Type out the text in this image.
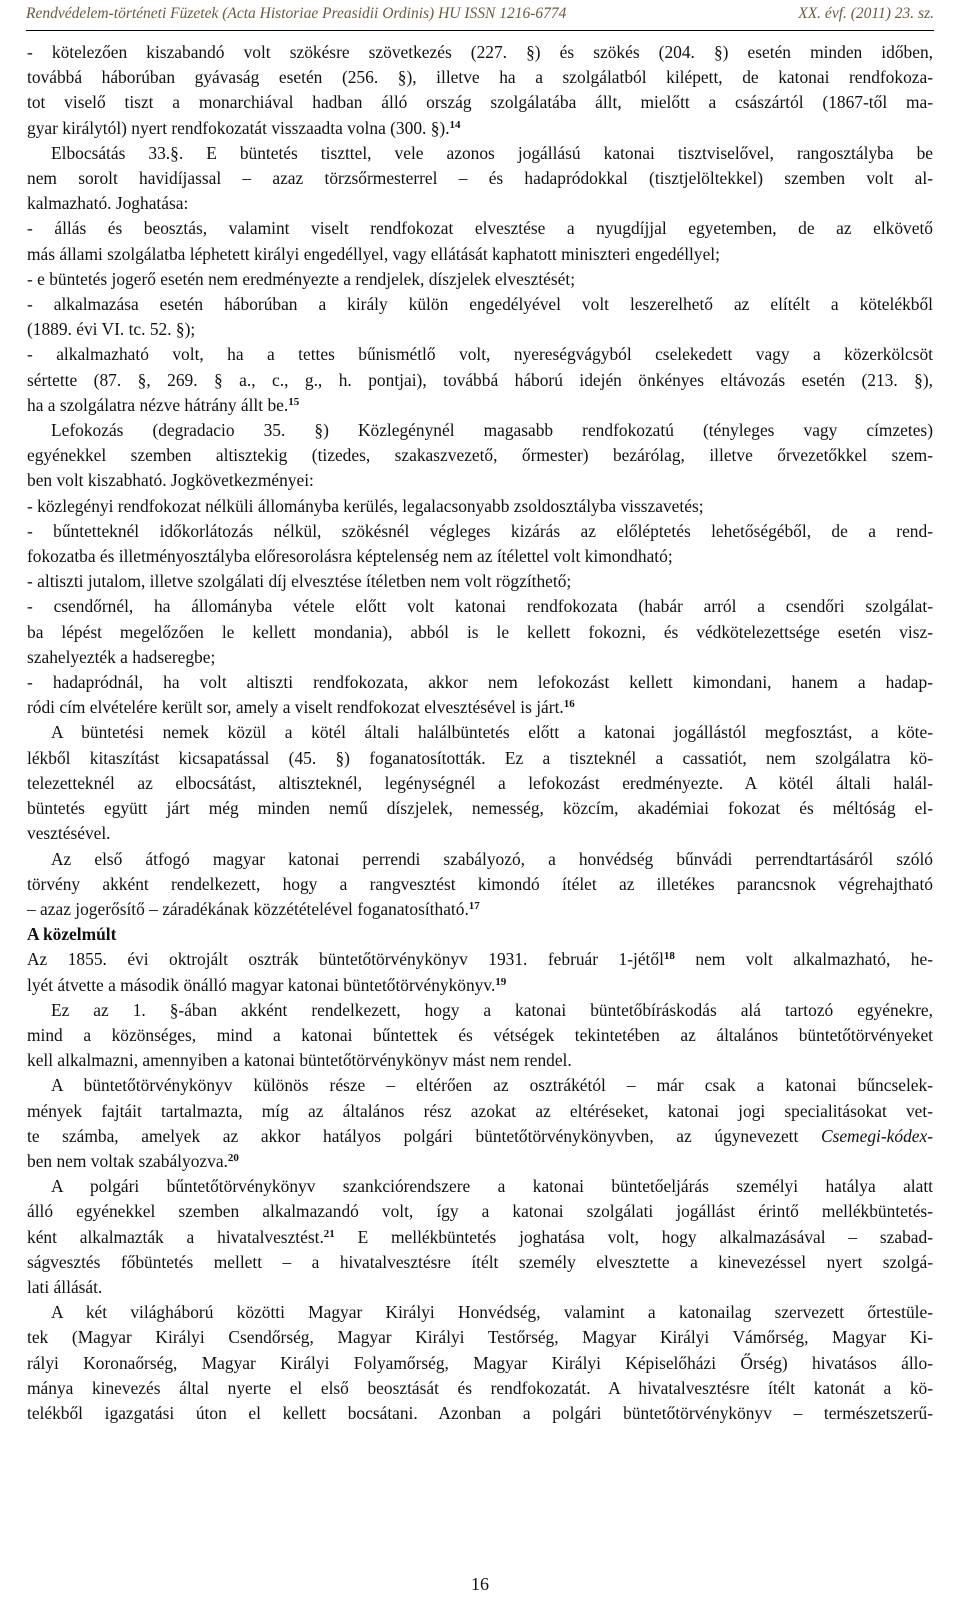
Rendvédelem-történeti Füzetek (Acta Historiae Preasidii Ordinis) HU ISSN 1216-6774	XX. évf. (2011) 23. sz.

- kötelezően kiszabandó volt szökésre szövetkezés (227. §) és szökés (204. §) esetén minden időben,
továbbá háborúban gyávaság esetén (256. §), illetve ha a szolgálatból kilépett, de katonai rendfokoza-
tot viselő tiszt a monarchiával hadban álló ország szolgálatába állt, mielőtt a császártól (1867-től ma-
gyar királytól) nyert rendfokozatát visszaadta volna (300. §).$^{14}$

Elbocsátás 33.§. E büntetés tiszttel, vele azonos jogállású katonai tisztviselővel, rangosztályba be
nem sorolt havidíjassal – azaz törzsőrmesterrel – és hadapródokkal (tisztjelöltekkel) szemben volt al-
kalmazható. Joghatása:

- állás és beosztás, valamint viselt rendfokozat elvesztése a nyugdíjjal egyetemben, de az elkövető
más állami szolgálatba léphetett királyi engedéllyel, vagy ellátását kaphatott miniszteri engedéllyel;

- e büntetés jogerő esetén nem eredményezte a rendjelek, díszjelek elvesztését;

- alkalmazása esetén háborúban a király külön engedélyével volt leszerelhető az elítélt a kötelékből
(1889. évi VI. tc. 52. §);

- alkalmazható volt, ha a tettes bűnismétlő volt, nyereségvágyból cselekedett vagy a közerkölcsöt
sértette (87. §, 269. § a., c., g., h. pontjai), továbbá háború idején önkényes eltávozás esetén (213. §),
ha a szolgálatra nézve hátrány állt be.$^{15}$

Lefokozás (degradacio 35. §) Közlegénynél magasabb rendfokozatú (tényleges vagy címzetes)
egyénekkel szemben altisztekig (tizedes, szakaszvezető, őrmester) bezárólag, illetve őrvezetőkkel szem-
ben volt kiszabható. Jogkövetkezményei:

- közlegényi rendfokozat nélküli állományba kerülés, legalacsonyabb zsoldosztályba visszavetés;

- bűntetteknél időkorlátozás nélkül, szökésnél végleges kizárás az előléptetés lehetőségéből, de a rend-
fokozatba és illetményosztályba előresorolásra képtelenség nem az ítélettel volt kimondható;

- altiszti jutalom, illetve szolgálati díj elvesztése ítéletben nem volt rögzíthető;

- csendőrnél, ha állományba vétele előtt volt katonai rendfokozata (habár arról a csendőri szolgálat-
ba lépést megelőzően le kellett mondania), abból is le kellett fokozni, és védkötelezettsége esetén visz-
szahelyezték a hadseregbe;

- hadapródnál, ha volt altiszti rendfokozata, akkor nem lefokozást kellett kimondani, hanem a hadap-
ródi cím elvételére került sor, amely a viselt rendfokozat elvesztésével is járt.$^{16}$

A büntetési nemek közül a kötél általi halálbüntetés előtt a katonai jogállástól megfosztást, a köte-
lékből kitaszítást kicsapatással (45. §) foganatosították. Ez a tiszteknél a cassatiót, nem szolgálatra kö-
telezetteknél az elbocsátást, altiszteknél, legénységnél a lefokozást eredményezte. A kötél általi halál-
büntetés együtt járt még minden nemű díszjelek, nemesség, közcím, akadémiai fokozat és méltóság el-
vesztésével.

Az első átfogó magyar katonai perrendi szabályozó, a honvédség bűnvádi perrendtartásáról szóló
törvény akként rendelkezett, hogy a rangvesztést kimondó ítélet az illetékes parancsnok végrehajtható
– azaz jogerősítő – záradékának közzétételével foganatosítható.$^{17}$

A közelmúlt

Az 1855. évi oktrojált osztrák büntetőtörvénykönyv 1931. február 1-jétől$^{18}$ nem volt alkalmazható, he-
lyét átvette a második önálló magyar katonai büntetőtörvénykönyv.$^{19}$

Ez az 1. §-ában akként rendelkezett, hogy a katonai büntetőbíráskodás alá tartozó egyénekre,
mind a közönséges, mind a katonai bűntettek és vétségek tekintetében az általános büntetőtörvényeket
kell alkalmazni, amennyiben a katonai büntetőtörvénykönyv mást nem rendel.

A büntetőtörvénykönyv különös része – eltérően az osztrákétól – már csak a katonai bűncselek-
mények fajtáit tartalmazta, míg az általános rész azokat az eltéréseket, katonai jogi specialitásokat vet-
te számba, amelyek az akkor hatályos polgári büntetőtörvénykönyvben, az úgynevezett Csemegi-kódex-
ben nem voltak szabályozva.$^{20}$

A polgári bűntetőtörvénykönyv szankciórendszere a katonai büntetőeljárás személyi hatálya alatt
álló egyénekkel szemben alkalmazandó volt, így a katonai szolgálati jogállást érintő mellékbüntetés-
ként alkalmazták a hivatalvesztést.$^{21}$ E mellékbüntetés joghatása volt, hogy alkalmazásával – szabad-
ságvesztés főbüntetés mellett – a hivatalvesztésre ítélt személy elvesztette a kinevezéssel nyert szolgá-
lati állását.

A két világháború közötti Magyar Királyi Honvédség, valamint a katonailag szervezett őrtestüle-
tek (Magyar Királyi Csendőrség, Magyar Királyi Testőrség, Magyar Királyi Vámőrség, Magyar Ki-
rályi Koronaőrség, Magyar Királyi Folyamőrség, Magyar Királyi Képiselőházi Őrség) hivatásos állo-
mánya kinevezés által nyerte el első beosztását és rendfokozatát. A hivatalvesztésre ítélt katonát a kö-
telékből igazgatási úton el kellett bocsátani. Azonban a polgári büntetőtörvénykönyv – természetszerű-

16
